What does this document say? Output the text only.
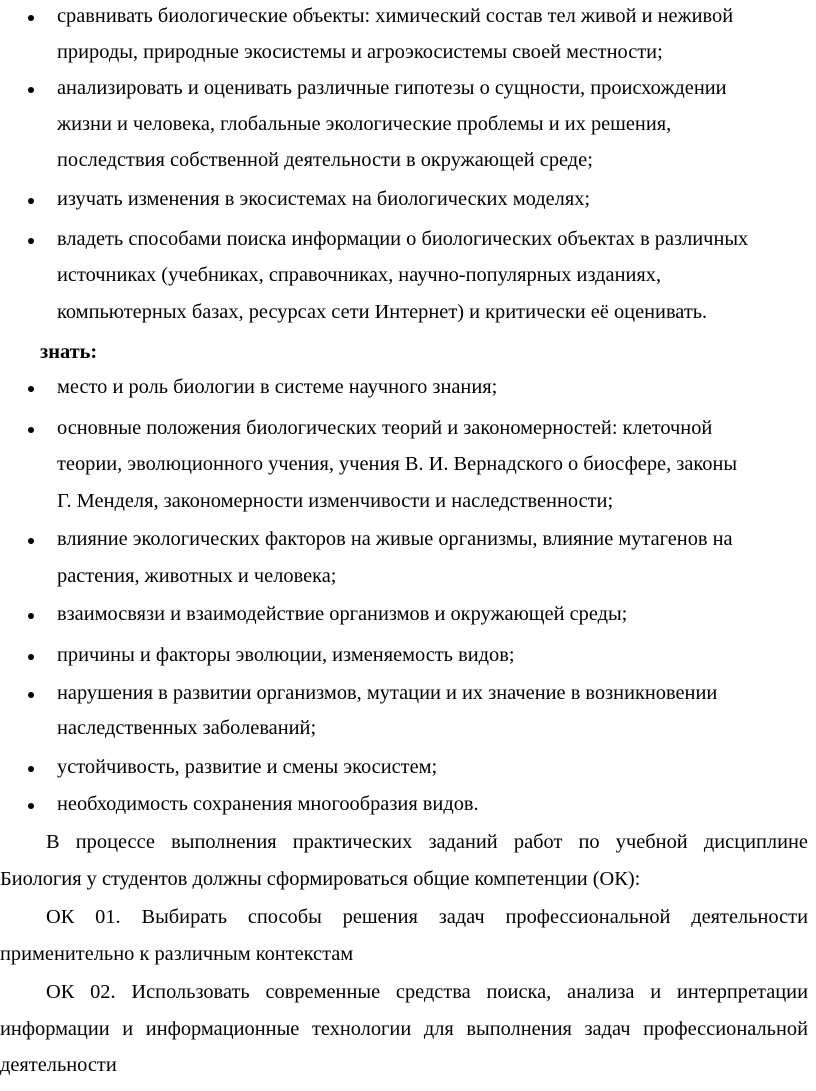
сравнивать биологические объекты: химический состав тел живой и неживой
природы, природные экосистемы и агроэкосистемы своей местности;
анализировать и оценивать различные гипотезы о сущности, происхождении
жизни и человека, глобальные экологические проблемы и их решения,
последствия собственной деятельности в окружающей среде;
изучать изменения в экосистемах на биологических моделях;
владеть способами поиска информации о биологических объектах в различных
источниках (учебниках, справочниках, научно-популярных изданиях,
компьютерных базах, ресурсах сети Интернет) и критически её оценивать.
знать:
место и роль биологии в системе научного знания;
основные положения биологических теорий и закономерностей: клеточной
теории, эволюционного учения, учения В. И. Вернадского о биосфере, законы
Г. Менделя, закономерности изменчивости и наследственности;
влияние экологических факторов на живые организмы, влияние мутагенов на
растения, животных и человека;
взаимосвязи и взаимодействие организмов и окружающей среды;
причины и факторы эволюции, изменяемость видов;
нарушения в развитии организмов, мутации и их значение в возникновении
наследственных заболеваний;
устойчивость, развитие и смены экосистем;
необходимость сохранения многообразия видов.
В процессе выполнения практических заданий работ по учебной дисциплине
Биология у студентов должны сформироваться общие компетенции (ОК):
ОК 01. Выбирать способы решения задач профессиональной деятельности
применительно к различным контекстам
ОК 02. Использовать современные средства поиска, анализа и интерпретации
информации и информационные технологии для выполнения задач профессиональной
деятельности
